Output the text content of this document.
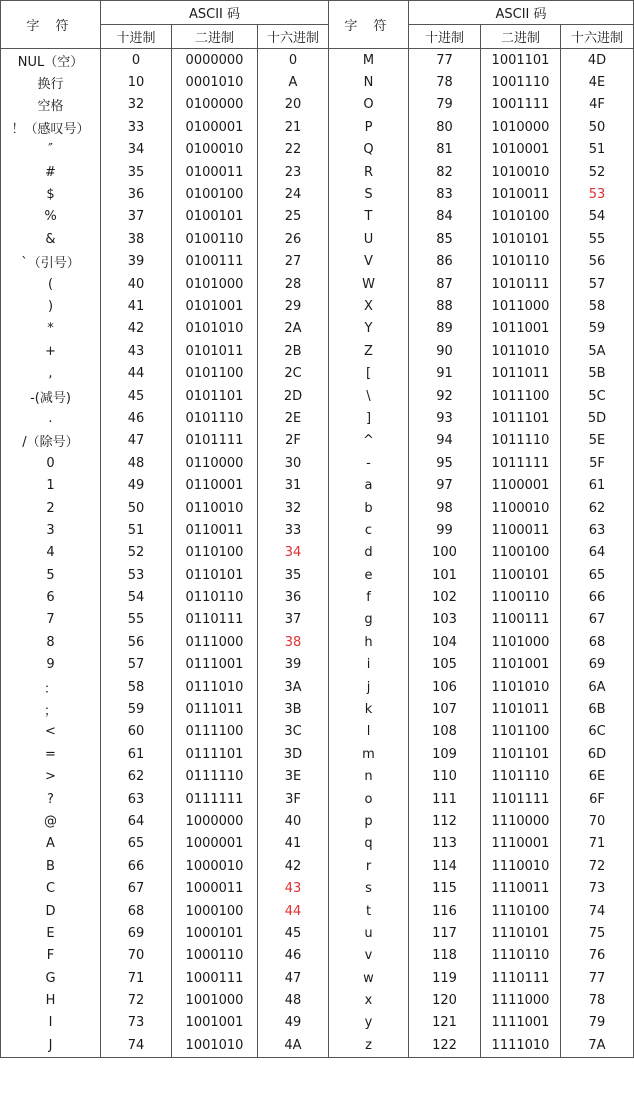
字 符	ASCII 码			字 符	ASCII 码		
	十进制	二进制	十六进制		十进制	二进制	十六进制
NUL（空）	0	0000000	0	M	77	1001101	4D
换行	10	0001010	A	N	78	1001110	4E
空格	32	0100000	20	O	79	1001111	4F
！（感叹号）	33	0100001	21	P	80	1010000	50
″	34	0100010	22	Q	81	1010001	51
#	35	0100011	23	R	82	1010010	52
$	36	0100100	24	S	83	1010011	53
%	37	0100101	25	T	84	1010100	54
&	38	0100110	26	U	85	1010101	55
`（引号）	39	0100111	27	V	86	1010110	56
(	40	0101000	28	W	87	1010111	57
)	41	0101001	29	X	88	1011000	58
*	42	0101010	2A	Y	89	1011001	59
+	43	0101011	2B	Z	90	1011010	5A
,	44	0101100	2C	[	91	1011011	5B
-(减号)	45	0101101	2D	\	92	1011100	5C
.	46	0101110	2E	]	93	1011101	5D
/（除号）	47	0101111	2F	^	94	1011110	5E
0	48	0110000	30	-	95	1011111	5F
1	49	0110001	31	a	97	1100001	61
2	50	0110010	32	b	98	1100010	62
3	51	0110011	33	c	99	1100011	63
4	52	0110100	34	d	100	1100100	64
5	53	0110101	35	e	101	1100101	65
6	54	0110110	36	f	102	1100110	66
7	55	0110111	37	g	103	1100111	67
8	56	0111000	38	h	104	1101000	68
9	57	0111001	39	i	105	1101001	69
：	58	0111010	3A	j	106	1101010	6A
；	59	0111011	3B	k	107	1101011	6B
<	60	0111100	3C	l	108	1101100	6C
=	61	0111101	3D	m	109	1101101	6D
>	62	0111110	3E	n	110	1101110	6E
?	63	0111111	3F	o	111	1101111	6F
@	64	1000000	40	p	112	1110000	70
A	65	1000001	41	q	113	1110001	71
B	66	1000010	42	r	114	1110010	72
C	67	1000011	43	s	115	1110011	73
D	68	1000100	44	t	116	1110100	74
E	69	1000101	45	u	117	1110101	75
F	70	1000110	46	v	118	1110110	76
G	71	1000111	47	w	119	1110111	77
H	72	1001000	48	x	120	1111000	78
I	73	1001001	49	y	121	1111001	79
J	74	1001010	4A	z	122	1111010	7A
